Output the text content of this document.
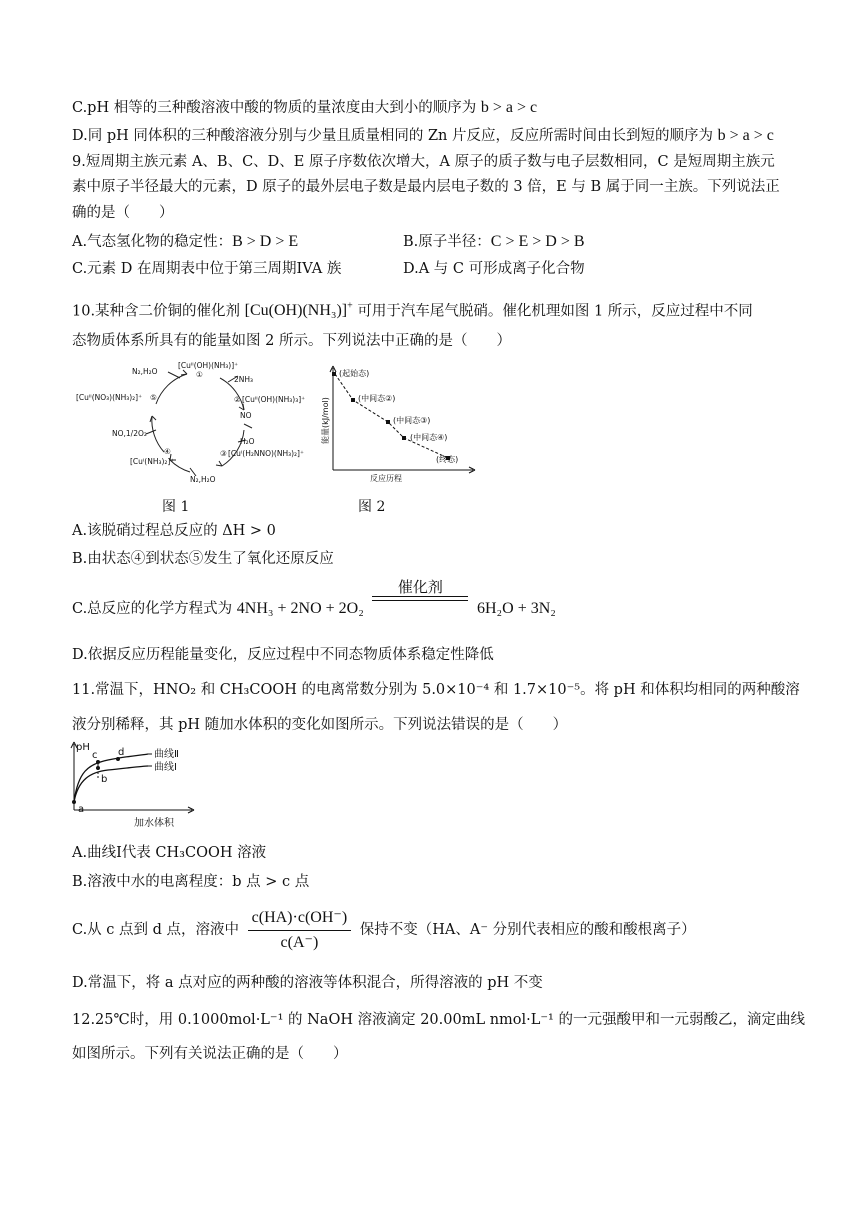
C.pH 相等的三种酸溶液中酸的物质的量浓度由大到小的顺序为 b > a > c
D.同 pH 同体积的三种酸溶液分别与少量且质量相同的 Zn 片反应，反应所需时间由长到短的顺序为 b > a > c
9.短周期主族元素 A、B、C、D、E 原子序数依次增大，A 原子的质子数与电子层数相同，C 是短周期主族元
素中原子半径最大的元素，D 原子的最外层电子数是最内层电子数的 3 倍，E 与 B 属于同一主族。下列说法正
确的是（　　）
A.气态氢化物的稳定性：B > D > E	B.原子半径：C > E > D > B
C.元素 D 在周期表中位于第三周期IVA 族	D.A 与 C 可形成离子化合物
10.某种含二价铜的催化剂 [Cu(OH)(NH₃)]+ 可用于汽车尾气脱硝。催化机理如图 1 所示，反应过程中不同
态物质体系所具有的能量如图 2 所示。下列说法中正确的是（　　）
[Cuᴵᴵ(OH)(NH₃)]⁺
①
2NH₃
② [Cuᴵᴵ(OH)(NH₃)₃]⁺
NO
H₂O
③ [Cuᴵ(H₂NNO)(NH₃)₂]⁺
N₂,H₂O
④
[Cuᴵ(NH₃)₂]⁺
NO,1/2O₂
⑤
[Cuᴵᴵ(NO₃)(NH₃)₂]⁺
N₂,H₂O
图 1
(起始态)
(中间态②)
(中间态③)
(中间态④)
(终态)
反应历程
能量(kJ/mol)
图 2
A.该脱硝过程总反应的 ΔH > 0
B.由状态④到状态⑤发生了氧化还原反应
C.总反应的化学方程式为 4NH₃ + 2NO + 2O₂
催化剂
6H₂O + 3N₂
D.依据反应历程能量变化，反应过程中不同态物质体系稳定性降低
11.常温下，HNO₂ 和 CH₃COOH 的电离常数分别为 5.0×10⁻⁴ 和 1.7×10⁻⁵。将 pH 和体积均相同的两种酸溶
液分别稀释，其 pH 随加水体积的变化如图所示。下列说法错误的是（　　）
pH
曲线Ⅱ
曲线Ⅰ
a
b
c d
加水体积
A.曲线Ⅰ代表 CH₃COOH 溶液
B.溶液中水的电离程度：b 点 > c 点
C.从 c 点到 d 点，溶液中 $\frac{c(HA)\cdot c(OH^-)}{c(A^-)}$ 保持不变（HA、A⁻ 分别代表相应的酸和酸根离子）
D.常温下，将 a 点对应的两种酸的溶液等体积混合，所得溶液的 pH 不变
12.25℃时，用 0.1000mol·L⁻¹ 的 NaOH 溶液滴定 20.00mL nmol·L⁻¹ 的一元强酸甲和一元弱酸乙，滴定曲线
如图所示。下列有关说法正确的是（　　）
